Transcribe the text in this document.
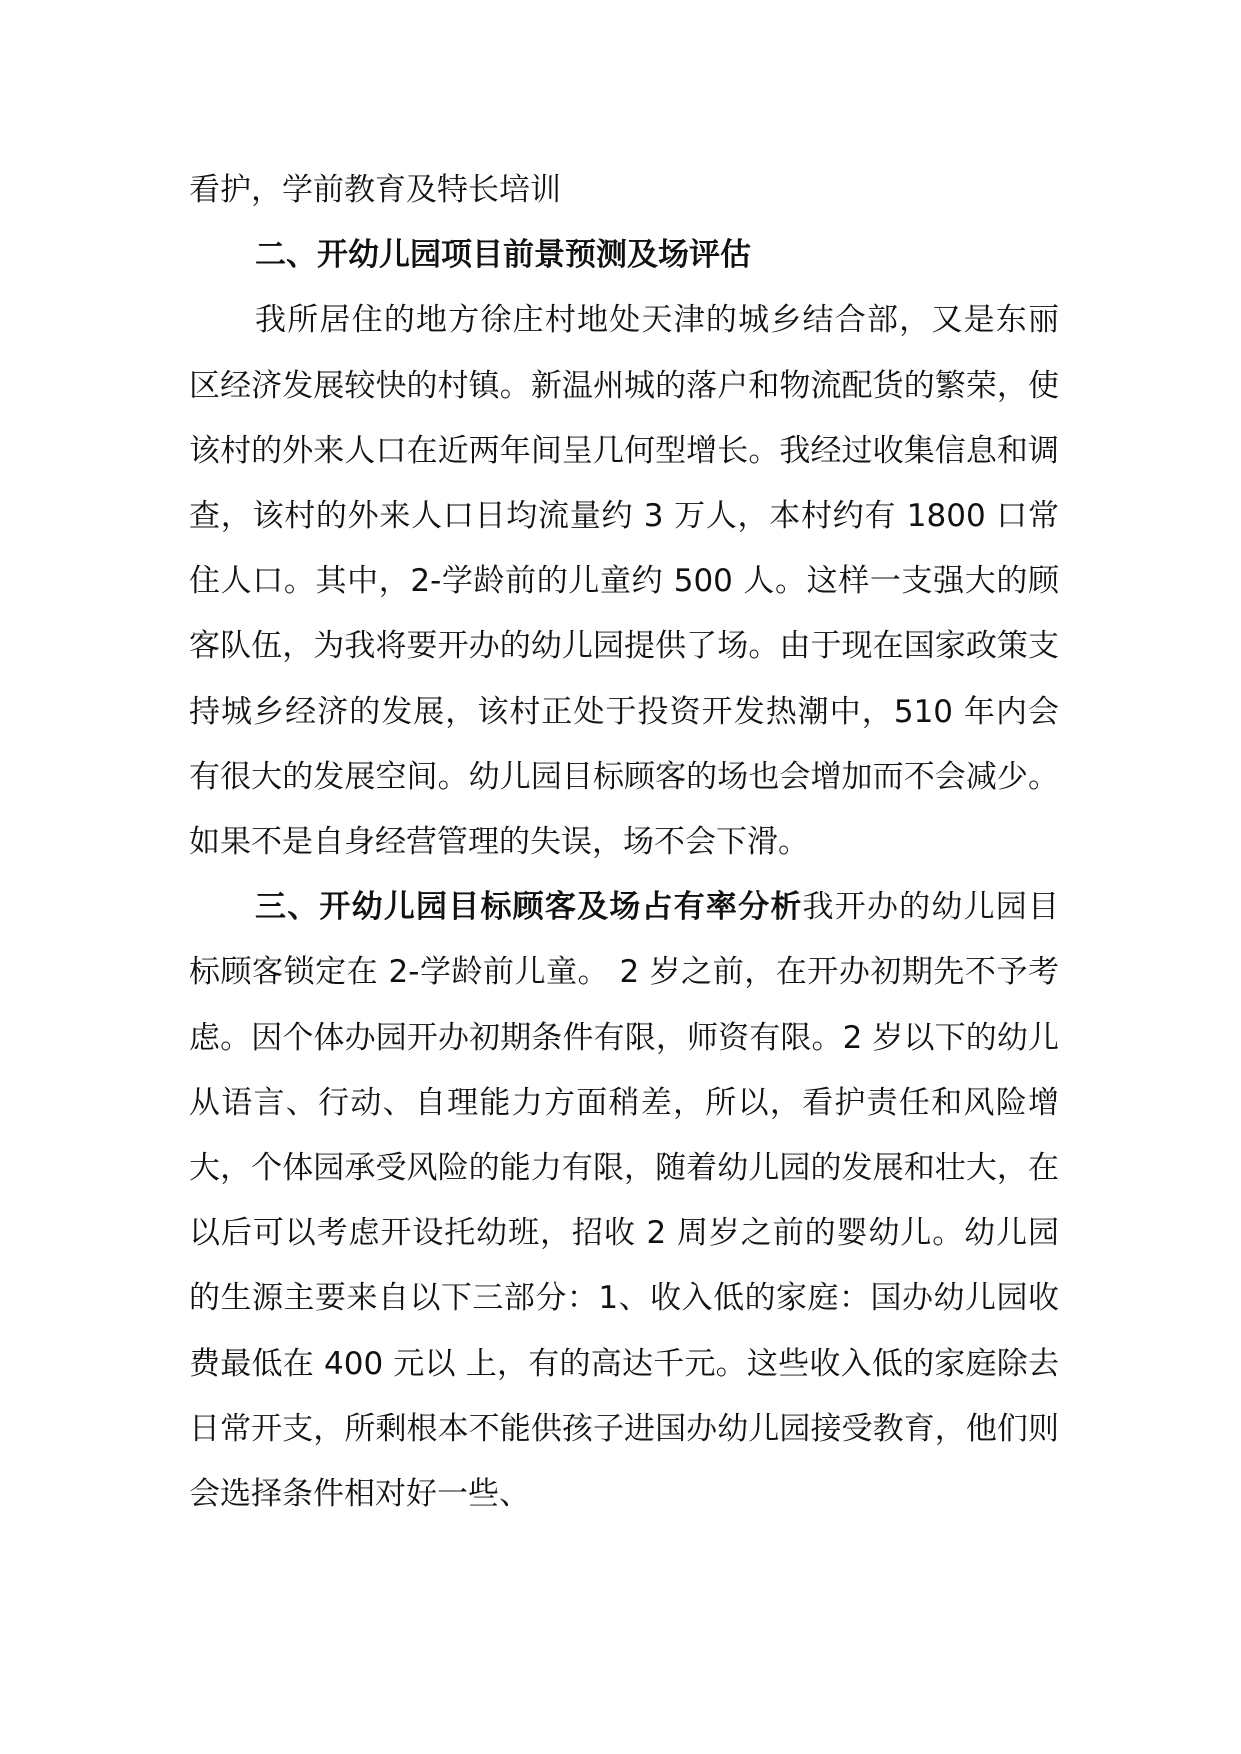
看护，学前教育及特长培训

二、开幼儿园项目前景预测及场评估

我所居住的地方徐庄村地处天津的城乡结合部，又是东丽区经济发展较快的村镇。新温州城的落户和物流配货的繁荣，使该村的外来人口在近两年间呈几何型增长。我经过收集信息和调查，该村的外来人口日均流量约 3 万人，本村约有 1800 口常住人口。其中，2-学龄前的儿童约 500 人。这样一支强大的顾客队伍，为我将要开办的幼儿园提供了场。由于现在国家政策支持城乡经济的发展，该村正处于投资开发热潮中，510 年内会有很大的发展空间。幼儿园目标顾客的场也会增加而不会减少。如果不是自身经营管理的失误，场不会下滑。

三、开幼儿园目标顾客及场占有率分析我开办的幼儿园目标顾客锁定在 2-学龄前儿童。 2 岁之前，在开办初期先不予考虑。因个体办园开办初期条件有限，师资有限。2 岁以下的幼儿从语言、行动、自理能力方面稍差，所以，看护责任和风险增大，个体园承受风险的能力有限，随着幼儿园的发展和壮大，在以后可以考虑开设托幼班，招收 2 周岁之前的婴幼儿。幼儿园的生源主要来自以下三部分：1、收入低的家庭：国办幼儿园收费最低在 400 元以 上，有的高达千元。这些收入低的家庭除去日常开支，所剩根本不能供孩子进国办幼儿园接受教育，他们则会选择条件相对好一些、
